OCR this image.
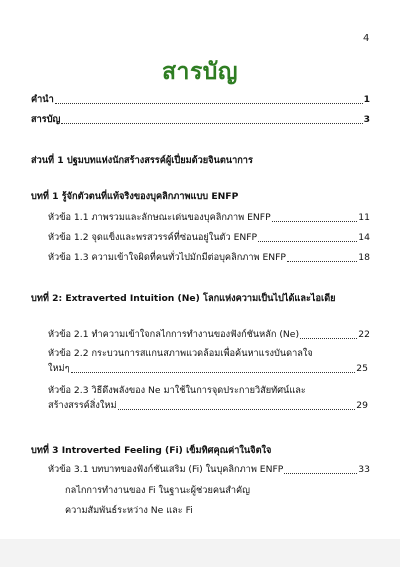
4
สารบัญ
คำนำ	1
สารบัญ	3
ส่วนที่ 1 ปฐมบทแห่งนักสร้างสรรค์ผู้เปี่ยมด้วยจินตนาการ
บทที่ 1 รู้จักตัวตนที่แท้จริงของบุคลิกภาพแบบ ENFP
หัวข้อ 1.1 ภาพรวมและลักษณะเด่นของบุคลิกภาพ ENFP	11
หัวข้อ 1.2 จุดแข็งและพรสวรรค์ที่ซ่อนอยู่ในตัว ENFP	14
หัวข้อ 1.3 ความเข้าใจผิดที่คนทั่วไปมักมีต่อบุคลิกภาพ ENFP	18
บทที่ 2: Extraverted Intuition (Ne) โลกแห่งความเป็นไปได้และไอเดีย
หัวข้อ 2.1 ทำความเข้าใจกลไกการทำงานของฟังก์ชันหลัก (Ne)	22
หัวข้อ 2.2 กระบวนการสแกนสภาพแวดล้อมเพื่อค้นหาแรงบันดาลใจ
ใหม่ๆ	25
หัวข้อ 2.3 วิธีดึงพลังของ Ne มาใช้ในการจุดประกายวิสัยทัศน์และ
สร้างสรรค์สิ่งใหม่	29
บทที่ 3 Introverted Feeling (Fi) เข็มทิศคุณค่าในจิตใจ
หัวข้อ 3.1 บทบาทของฟังก์ชันเสริม (Fi) ในบุคลิกภาพ ENFP	33
กลไกการทำงานของ Fi ในฐานะผู้ช่วยคนสำคัญ
ความสัมพันธ์ระหว่าง Ne และ Fi
